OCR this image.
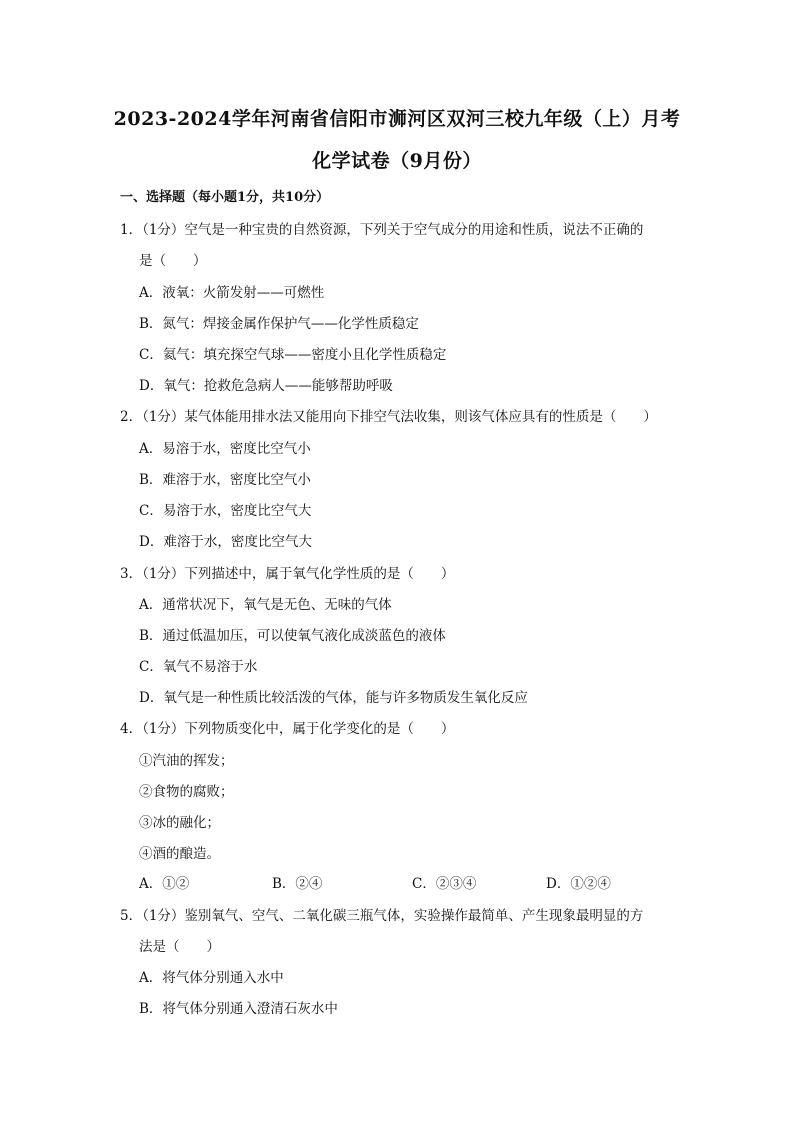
2023-2024学年河南省信阳市浉河区双河三校九年级（上）月考
化学试卷（9月份）
一、选择题（每小题1分，共10分）
1．（1分）空气是一种宝贵的自然资源，下列关于空气成分的用途和性质，说法不正确的
是（　　）
A．液氧：火箭发射——可燃性
B．氮气：焊接金属作保护气——化学性质稳定
C．氦气：填充探空气球——密度小且化学性质稳定
D．氧气：抢救危急病人——能够帮助呼吸
2．（1分）某气体能用排水法又能用向下排空气法收集，则该气体应具有的性质是（　　）
A．易溶于水，密度比空气小
B．难溶于水，密度比空气小
C．易溶于水，密度比空气大
D．难溶于水，密度比空气大
3．（1分）下列描述中，属于氧气化学性质的是（　　）
A．通常状况下，氧气是无色、无味的气体
B．通过低温加压，可以使氧气液化成淡蓝色的液体
C．氧气不易溶于水
D．氧气是一种性质比较活泼的气体，能与许多物质发生氧化反应
4．（1分）下列物质变化中，属于化学变化的是（　　）
①汽油的挥发；
②食物的腐败；
③冰的融化；
④酒的酿造。
A．①②	B．②④	C．②③④	D．①②④
5．（1分）鉴别氧气、空气、二氧化碳三瓶气体，实验操作最简单、产生现象最明显的方
法是（　　）
A．将气体分别通入水中
B．将气体分别通入澄清石灰水中
